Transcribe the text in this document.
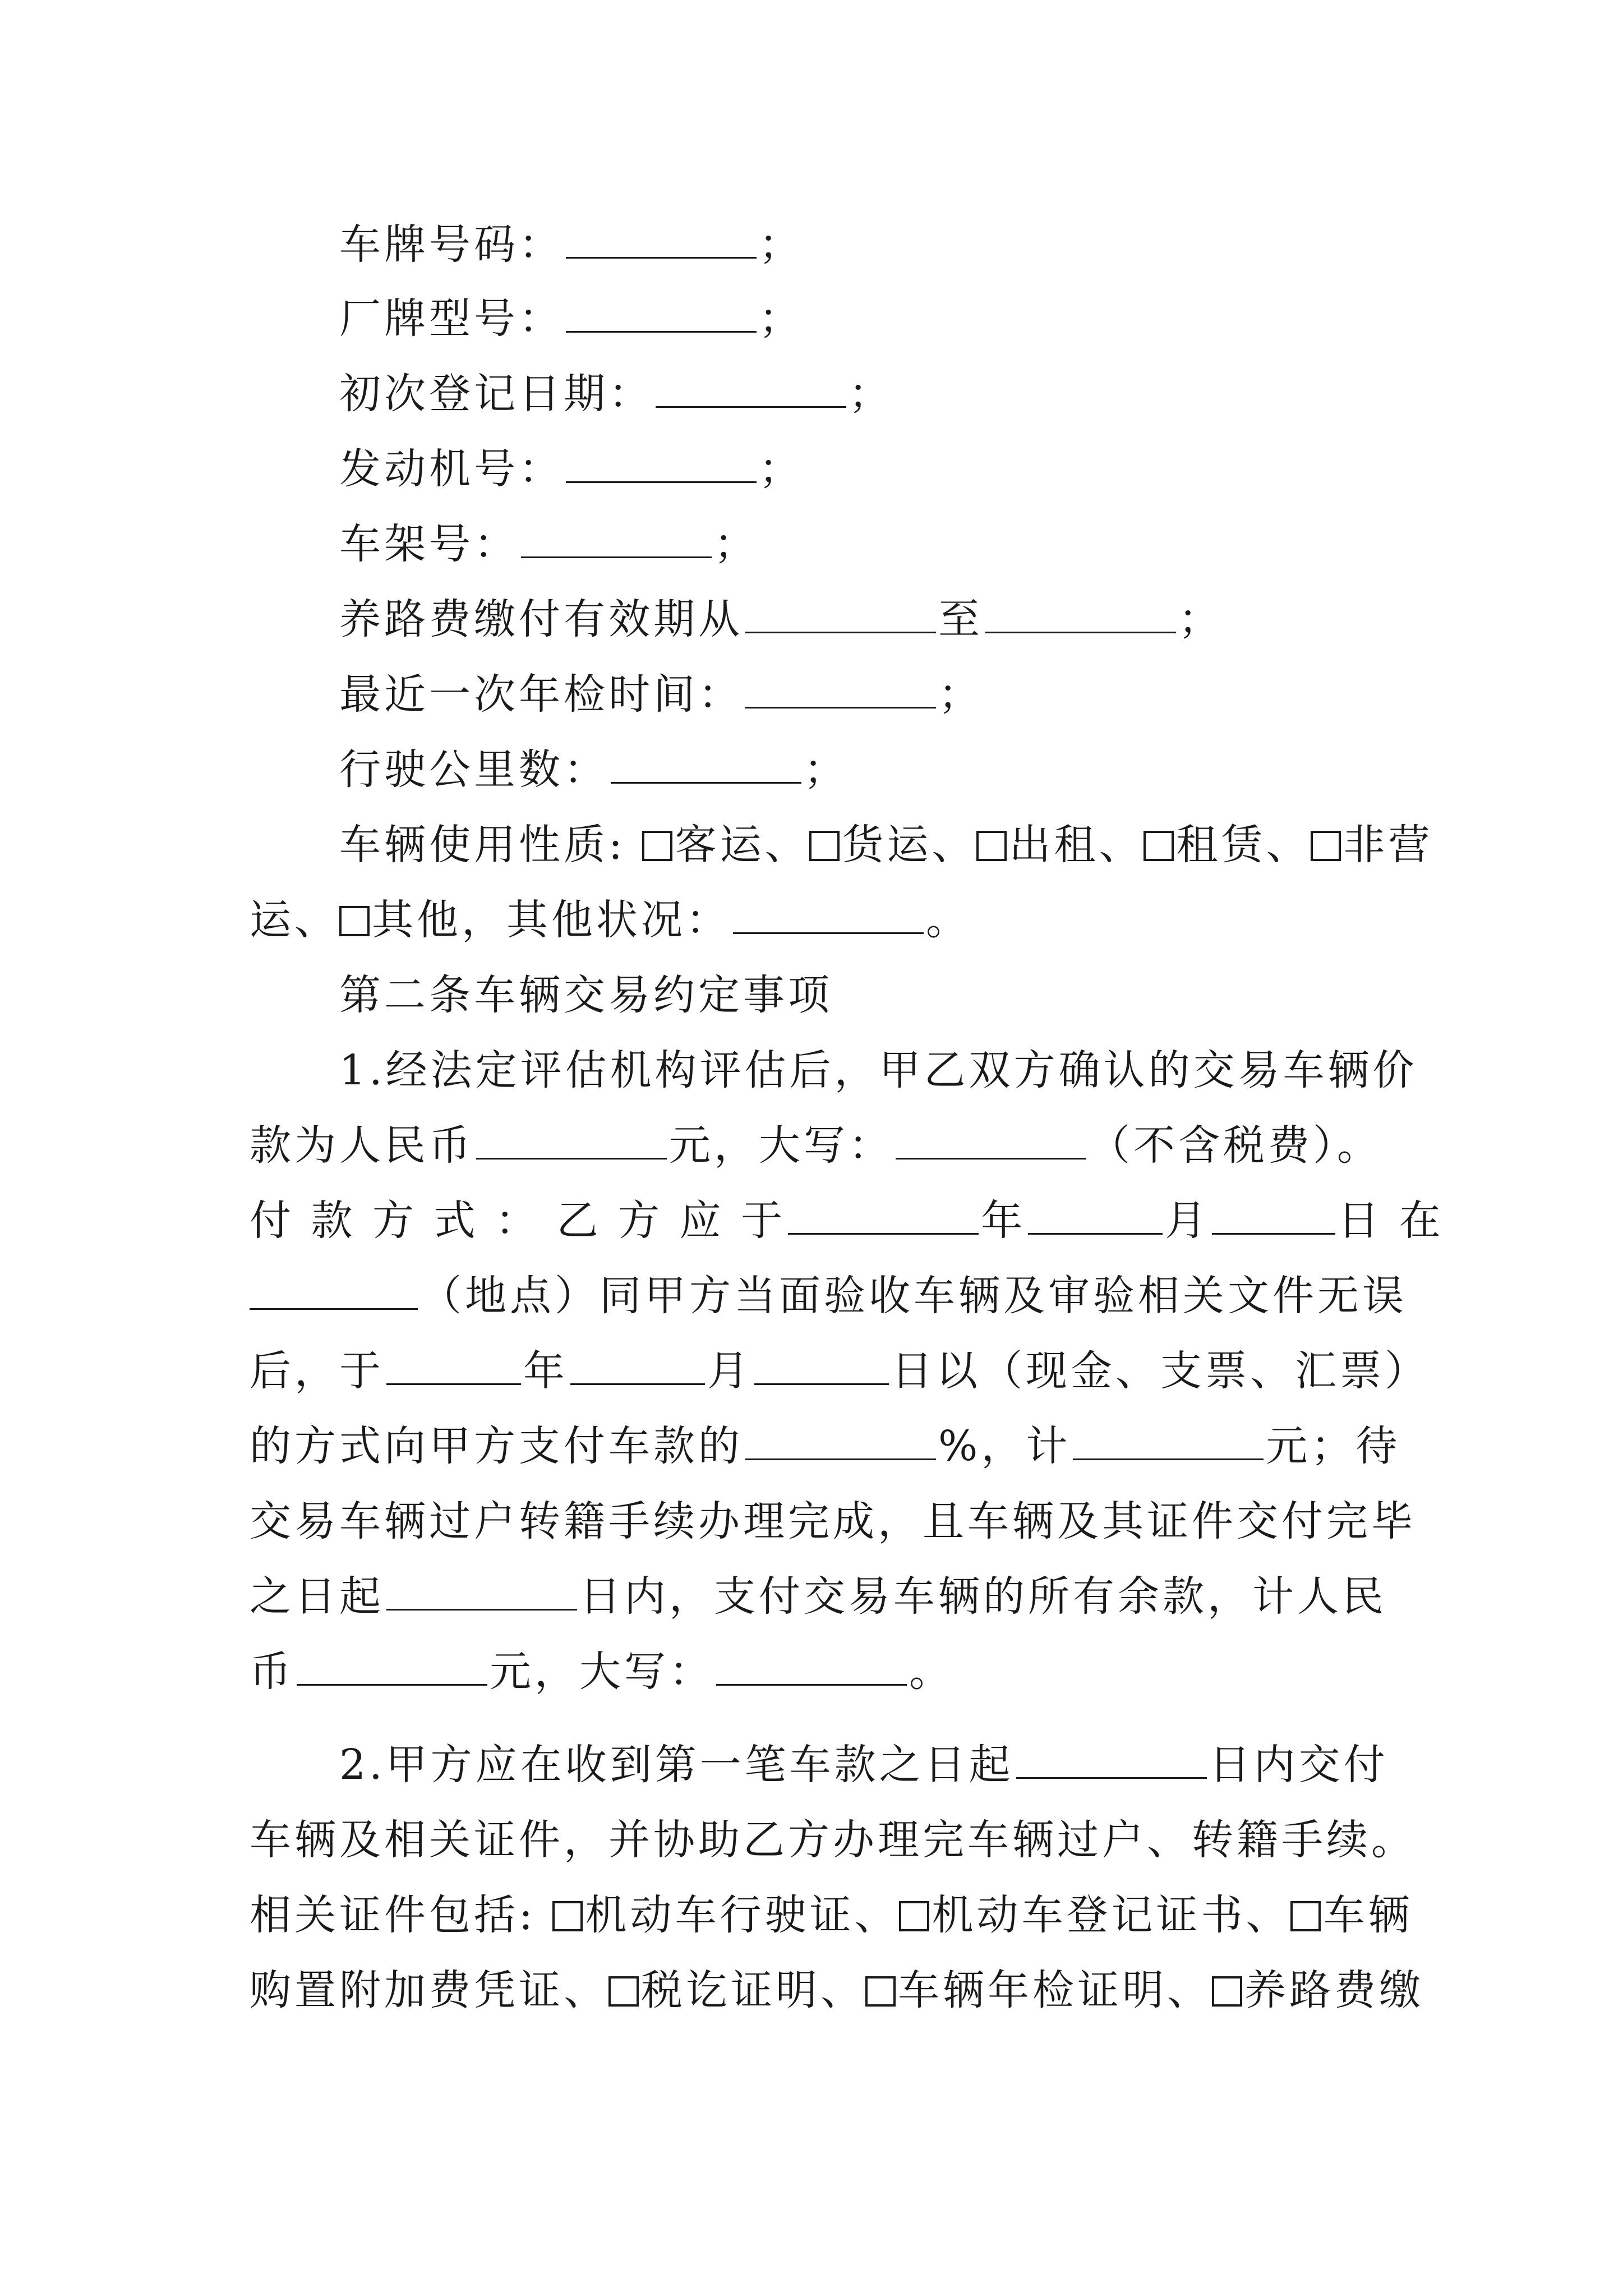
车牌号码：	；
厂牌型号：	；
初次登记日期：	；
发动机号：	；
车架号：	；
养路费缴付有效期从	至	；
最近一次年检时间：	；
行驶公里数：	；
车辆使用性质: 客运、 货运、 出租、 租赁、 非营
运、 其他，其他状况：	。
第二条车辆交易约定事项
1.经法定评估机构评估后，甲乙双方确认的交易车辆价
款为人民币	元，大写：	（不含税费）。
付 款 方 式 ： 乙 方 应 于	年	月	日 在
（地点）同甲方当面验收车辆及审验相关文件无误
后，于	年	月	日以（现金、支票、汇票）
的方式向甲方支付车款的	%，计	元；待
交易车辆过户转籍手续办理完成，且车辆及其证件交付完毕
之日起	日内，支付交易车辆的所有余款，计人民
币	元，大写：	。
2.甲方应在收到第一笔车款之日起	日内交付
车辆及相关证件，并协助乙方办理完车辆过户、转籍手续。
相关证件包括: 机动车行驶证、 机动车登记证书、 车辆
购置附加费凭证、 税讫证明、 车辆年检证明、 养路费缴
